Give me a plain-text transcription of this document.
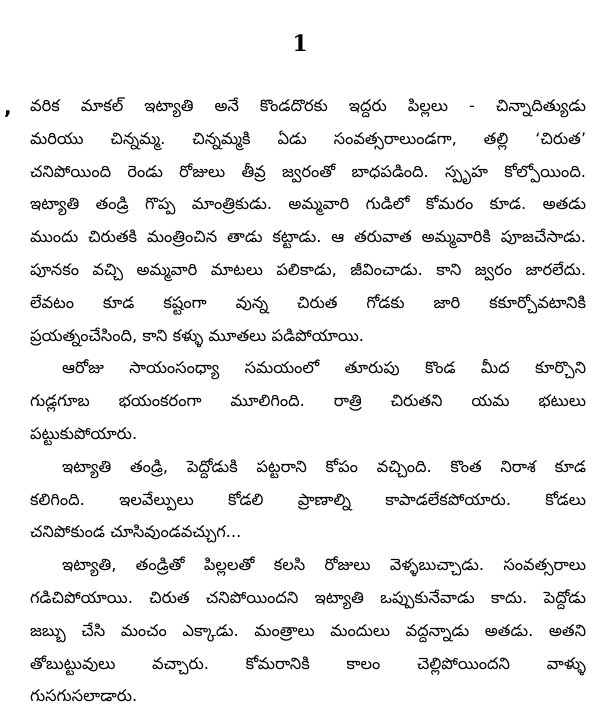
1
, వరిక మాకల్ ఇట్యాతి అనే కొండదొరకు ఇద్దరు పిల్లలు - చిన్నాదిత్యుడు
మరియు చిన్నమ్మ. చిన్నమ్మకి ఏడు సంవత్సరాలుండగా, తల్లి ‘చిరుత’
చనిపోయింది రెండు రోజులు తీవ్ర జ్వరంతో బాధపడింది. స్పృహ కోల్పోయింది.
ఇట్యాతి తండ్రి గొప్ప మాంత్రికుడు. అమ్మవారి గుడిలో కోమరం కూడ. అతడు
ముందు చిరుతకి మంత్రించిన తాడు కట్టాడు. ఆ తరువాత అమ్మవారికి పూజచేసాడు.
పూనకం వచ్చి అమ్మవారి మాటలు పలికాడు, జీవించాడు. కాని జ్వరం జారలేదు.
లేవటం కూడ కష్టంగా వున్న చిరుత గోడకు జారి కకూర్చోవటానికి
ప్రయత్నంచేసింది, కాని కళ్ళు మూతలు పడిపోయాయి.
ఆరోజు సాయంసంధ్యా సమయంలో తూరుపు కొండ మీద కూర్చొని
గుడ్లగూబ భయంకరంగా మూలిగింది. రాత్రి చిరుతని యమ భటులు
పట్టుకుపోయారు.
ఇట్యాతి తండ్రి, పెద్దోడుకి పట్టరాని కోపం వచ్చింది. కొంత నిరాశ కూడ
కలిగింది. ఇలవేల్పులు కోడలి ప్రాణాల్ని కాపాడలేకపోయారు. కోడలు
చనిపోకుండ చూసివుండవచ్చుగ...
ఇట్యాతి, తండ్రితో పిల్లలతో కలసి రోజులు వెళ్ళబుచ్చాడు. సంవత్సరాలు
గడిచిపోయాయి. చిరుత చనిపోయిందని ఇట్యాతి ఒప్పుకునేవాడు కాదు. పెద్దోడు
జబ్బు చేసి మంచం ఎక్కాడు. మంత్రాలు మందులు వద్దన్నాడు అతడు. అతని
తోబుట్టువులు వచ్చారు. కోమరానికి కాలం చెల్లిపోయిందని వాళ్ళు
గుసగుసలాడారు.
